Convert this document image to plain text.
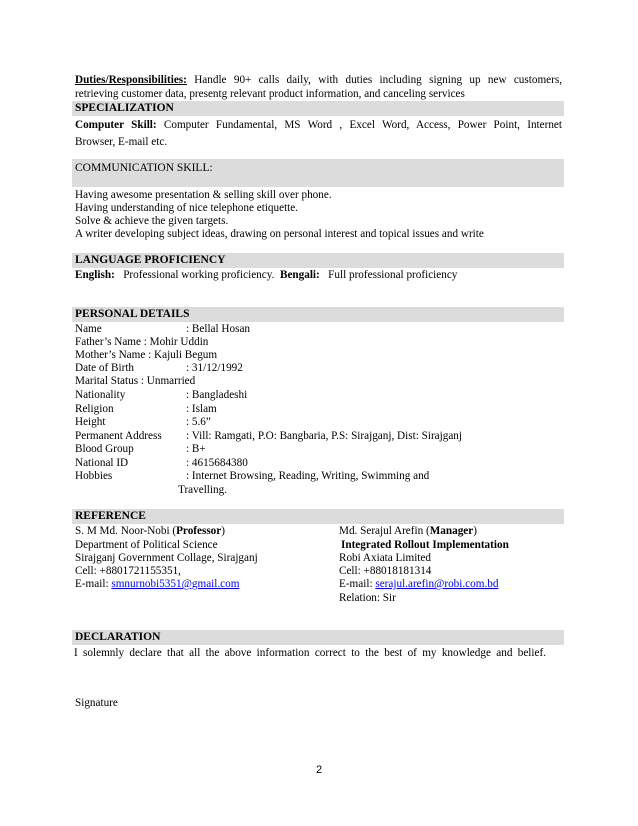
Duties/Responsibilities: Handle 90+ calls daily, with duties including signing up new customers,
retrieving customer data, presentg relevant product information, and canceling services
SPECIALIZATION
Computer Skill: Computer Fundamental, MS Word , Excel Word, Access, Power Point, Internet
Browser, E-mail etc.
COMMUNICATION SKILL:
Having awesome presentation & selling skill over phone.
Having understanding of nice telephone etiquette.
Solve & achieve the given targets.
A writer developing subject ideas, drawing on personal interest and topical issues and write
LANGUAGE PROFICIENCY
English: Professional working proficiency. Bengali: Full professional proficiency
PERSONAL DETAILS
Name	: Bellal Hosan
Father’s Name : Mohir Uddin
Mother’s Name : Kajuli Begum
Date of Birth	: 31/12/1992
Marital Status : Unmarried
Nationality	: Bangladeshi
Religion	: Islam
Height	: 5.6”
Permanent Address : Vill: Ramgati, P.O: Bangbaria, P.S: Sirajganj, Dist: Sirajganj
Blood Group	: B+
National ID	: 4615684380
Hobbies	: Internet Browsing, Reading, Writing, Swimming and
Travelling.
REFERENCE
S. M Md. Noor-Nobi (Professor)
Department of Political Science
Sirajganj Government Collage, Sirajganj
Cell: +8801721155351,
E-mail: smnurnobi5351@gmail.com
Md. Serajul Arefin (Manager)
Integrated Rollout Implementation
Robi Axiata Limited
Cell: +88018181314
E-mail: serajul.arefin@robi.com.bd
Relation: Sir
DECLARATION
I solemnly declare that all the above information correct to the best of my knowledge and belief.
Signature
2
